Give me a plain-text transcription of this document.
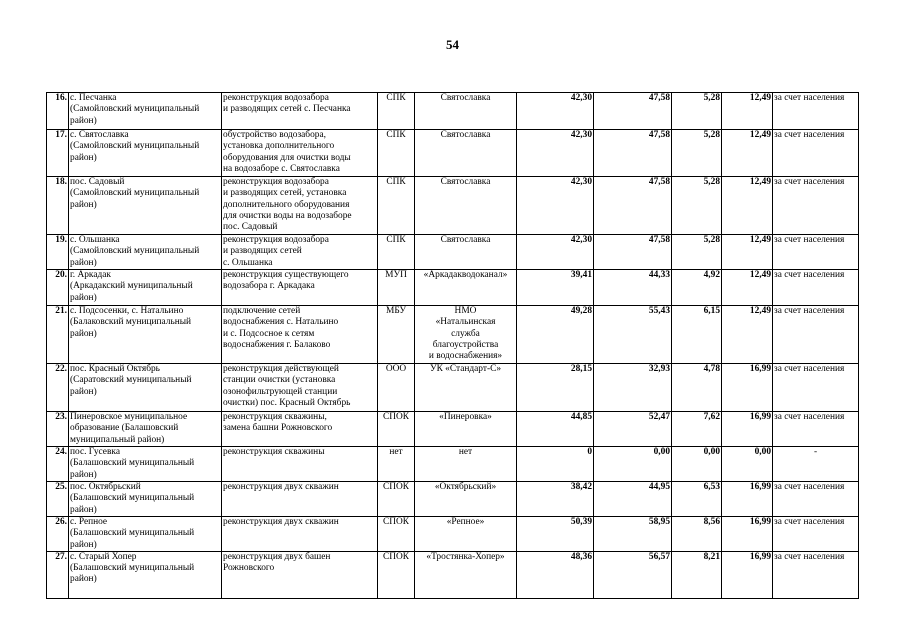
54
16.	с. Песчанка
(Самойловский муниципальный
район)	реконструкция водозабора
и разводящих сетей с. Песчанка	СПК	Святославка	42,30	47,58	5,28	12,49	за счет населения
17.	с. Святославка
(Самойловский муниципальный
район)	обустройство водозабора,
установка дополнительного
оборудования для очистки воды
на водозаборе с. Святославка	СПК	Святославка	42,30	47,58	5,28	12,49	за счет населения
18.	пос. Садовый
(Самойловский муниципальный
район)	реконструкция водозабора
и разводящих сетей, установка
дополнительного оборудования
для очистки воды на водозаборе
пос. Садовый	СПК	Святославка	42,30	47,58	5,28	12,49	за счет населения
19.	с. Ольшанка
(Самойловский муниципальный
район)	реконструкция водозабора
и разводящих сетей
с. Ольшанка	СПК	Святославка	42,30	47,58	5,28	12,49	за счет населения
20.	г. Аркадак
(Аркадакский муниципальный
район)	реконструкция существующего
водозабора г. Аркадака	МУП	«Аркадакводоканал»	39,41	44,33	4,92	12,49	за счет населения
21.	с. Подсосенки, с. Натальино
(Балаковский муниципальный
район)	подключение сетей
водоснабжения с. Натальино
и с. Подсосное к сетям
водоснабжения г. Балаково	МБУ	НМО
«Натальинская
служба
благоустройства
и водоснабжения»	49,28	55,43	6,15	12,49	за счет населения
22.	пос. Красный Октябрь
(Саратовский муниципальный
район)	реконструкция действующей
станции очистки (установка
озонофильтрующей станции
очистки) пос. Красный Октябрь	ООО	УК «Стандарт-С»	28,15	32,93	4,78	16,99	за счет населения
23.	Пинеровское муниципальное
образование (Балашовский
муниципальный район)	реконструкция скважины,
замена башни Рожновского	СПОК	«Пинеровка»	44,85	52,47	7,62	16,99	за счет населения
24.	пос. Гусевка
(Балашовский муниципальный
район)	реконструкция скважины	нет	нет	0	0,00	0,00	0,00	-
25.	пос. Октябрьский
(Балашовский муниципальный
район)	реконструкция двух скважин	СПОК	«Октябрьский»	38,42	44,95	6,53	16,99	за счет населения
26.	с. Репное
(Балашовский муниципальный
район)	реконструкция двух скважин	СПОК	«Репное»	50,39	58,95	8,56	16,99	за счет населения
27.	с. Старый Хопер
(Балашовский муниципальный
район)	реконструкция двух башен
Рожновского	СПОК	«Тростянка-Хопер»	48,36	56,57	8,21	16,99	за счет населения
